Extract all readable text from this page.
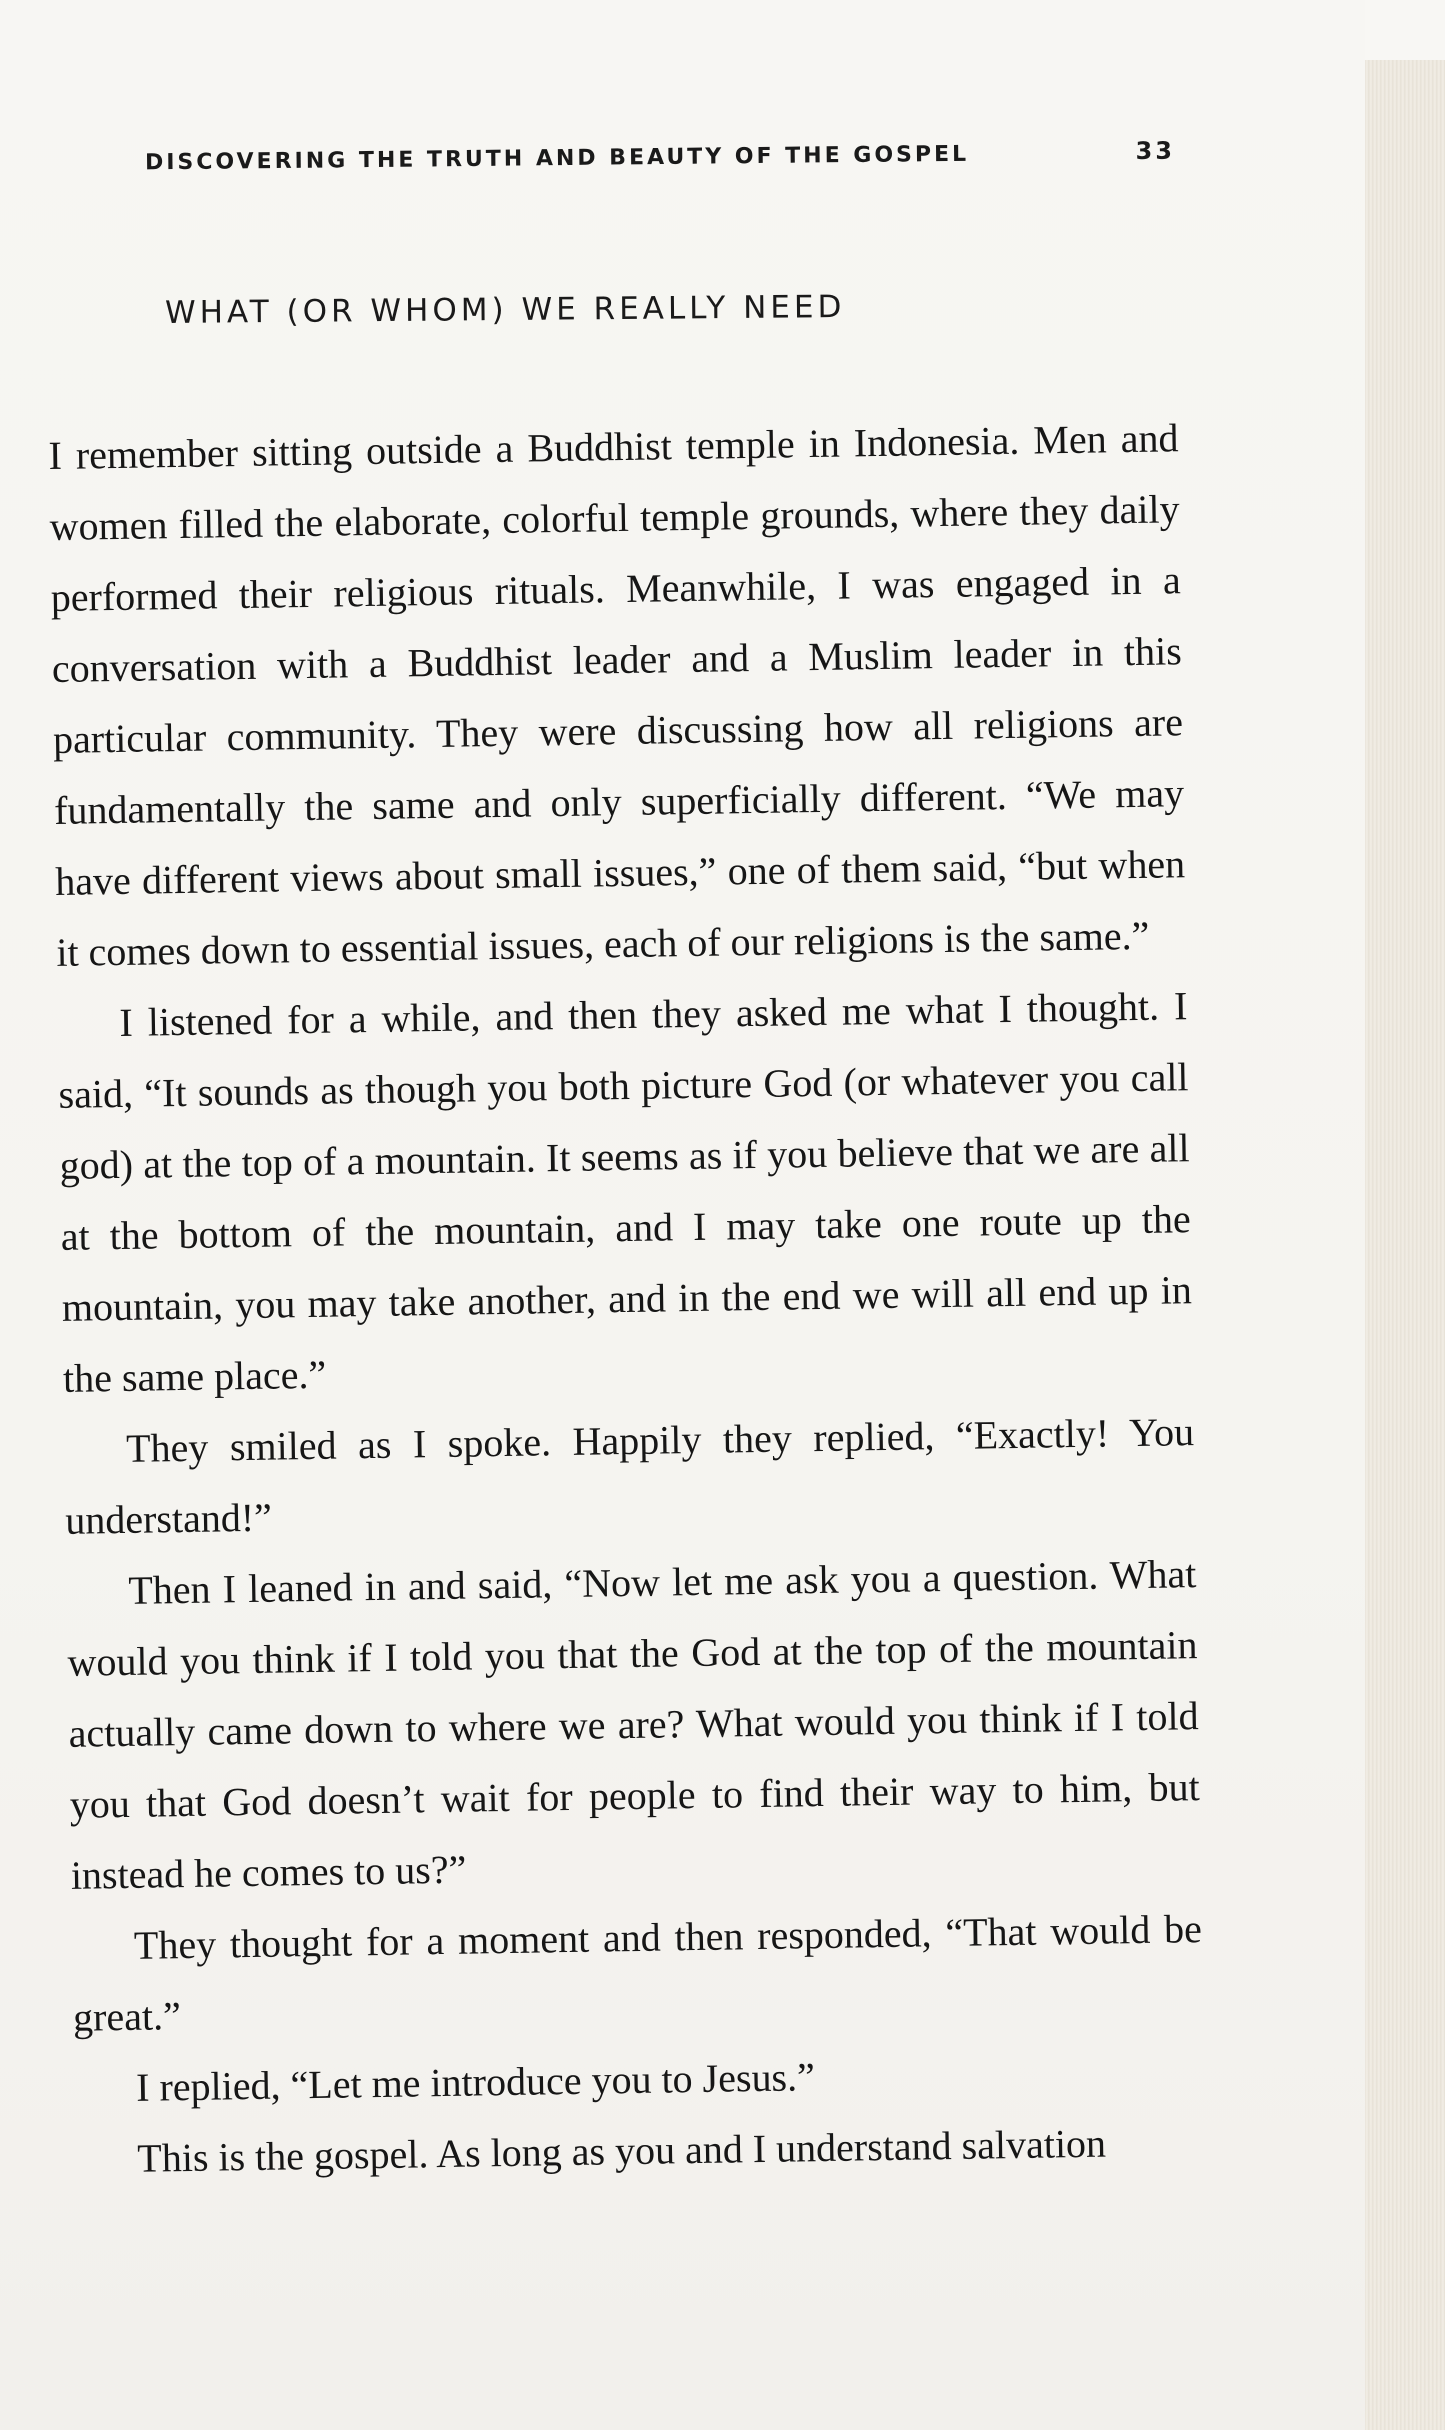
DISCOVERING THE TRUTH AND BEAUTY OF THE GOSPEL	33
WHAT (OR WHOM) WE REALLY NEED

I remember sitting outside a Buddhist temple in Indonesia. Men and women filled the elaborate, colorful temple grounds, where they daily performed their religious rituals. Meanwhile, I was engaged in a conversation with a Buddhist leader and a Muslim leader in this particular community. They were discussing how all religions are fundamentally the same and only superficially different. “We may have different views about small issues,” one of them said, “but when it comes down to essential issues, each of our religions is the same.”

I listened for a while, and then they asked me what I thought. I said, “It sounds as though you both picture God (or whatever you call god) at the top of a mountain. It seems as if you believe that we are all at the bottom of the mountain, and I may take one route up the mountain, you may take another, and in the end we will all end up in the same place.”

They smiled as I spoke. Happily they replied, “Exactly! You understand!”

Then I leaned in and said, “Now let me ask you a question. What would you think if I told you that the God at the top of the mountain actually came down to where we are? What would you think if I told you that God doesn’t wait for people to find their way to him, but instead he comes to us?”

They thought for a moment and then responded, “That would be great.”

I replied, “Let me introduce you to Jesus.”

This is the gospel. As long as you and I understand salvation
